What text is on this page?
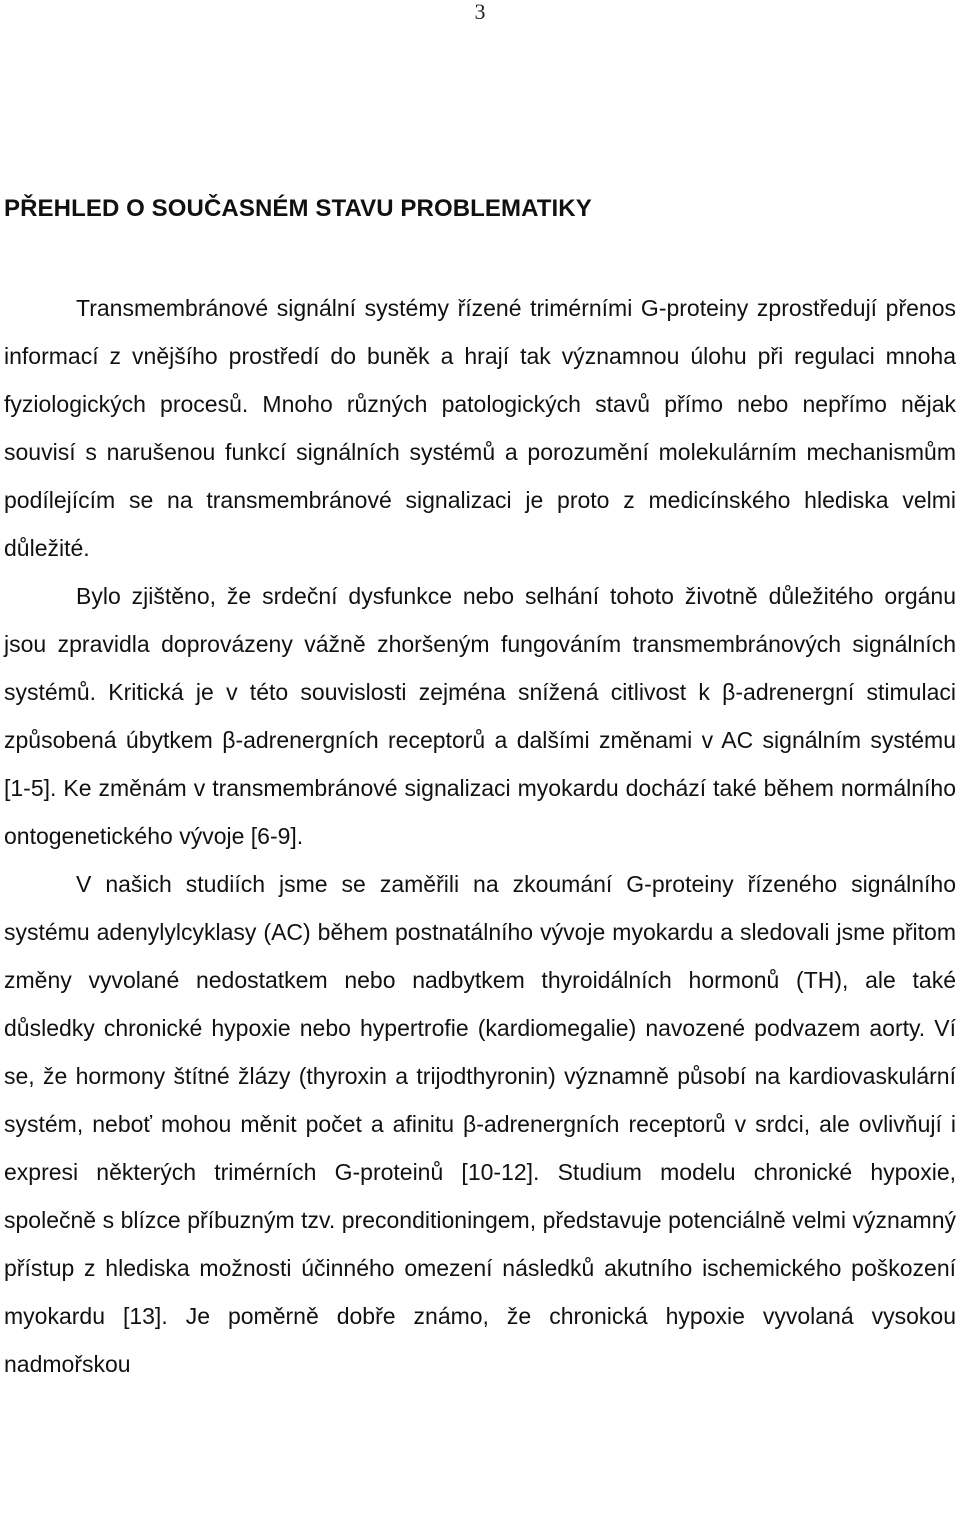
3
PŘEHLED O SOUČASNÉM STAVU PROBLEMATIKY

Transmembránové signální systémy řízené trimérními G-proteiny zprostředují přenos informací z vnějšího prostředí do buněk a hrají tak významnou úlohu při regulaci mnoha fyziologických procesů. Mnoho různých patologických stavů přímo nebo nepřímo nějak souvisí s narušenou funkcí signálních systémů a porozumění molekulárním mechanismům podílejícím se na transmembránové signalizaci je proto z medicínského hlediska velmi důležité.

Bylo zjištěno, že srdeční dysfunkce nebo selhání tohoto životně důležitého orgánu jsou zpravidla doprovázeny vážně zhoršeným fungováním transmembránových signálních systémů. Kritická je v této souvislosti zejména snížená citlivost k β-adrenergní stimulaci způsobená úbytkem β-adrenergních receptorů a dalšími změnami v AC signálním systému [1-5]. Ke změnám v transmembránové signalizaci myokardu dochází také během normálního ontogenetického vývoje [6-9].

V našich studiích jsme se zaměřili na zkoumání G-proteiny řízeného signálního systému adenylylcyklasy (AC) během postnatálního vývoje myokardu a sledovali jsme přitom změny vyvolané nedostatkem nebo nadbytkem thyroidálních hormonů (TH), ale také důsledky chronické hypoxie nebo hypertrofie (kardiomegalie) navozené podvazem aorty. Ví se, že hormony štítné žlázy (thyroxin a trijodthyronin) významně působí na kardiovaskulární systém, neboť mohou měnit počet a afinitu β-adrenergních receptorů v srdci, ale ovlivňují i expresi některých trimérních G-proteinů [10-12]. Studium modelu chronické hypoxie, společně s blízce příbuzným tzv. preconditioningem, představuje potenciálně velmi významný přístup z hlediska možnosti účinného omezení následků akutního ischemického poškození myokardu [13]. Je poměrně dobře známo, že chronická hypoxie vyvolaná vysokou nadmořskou
